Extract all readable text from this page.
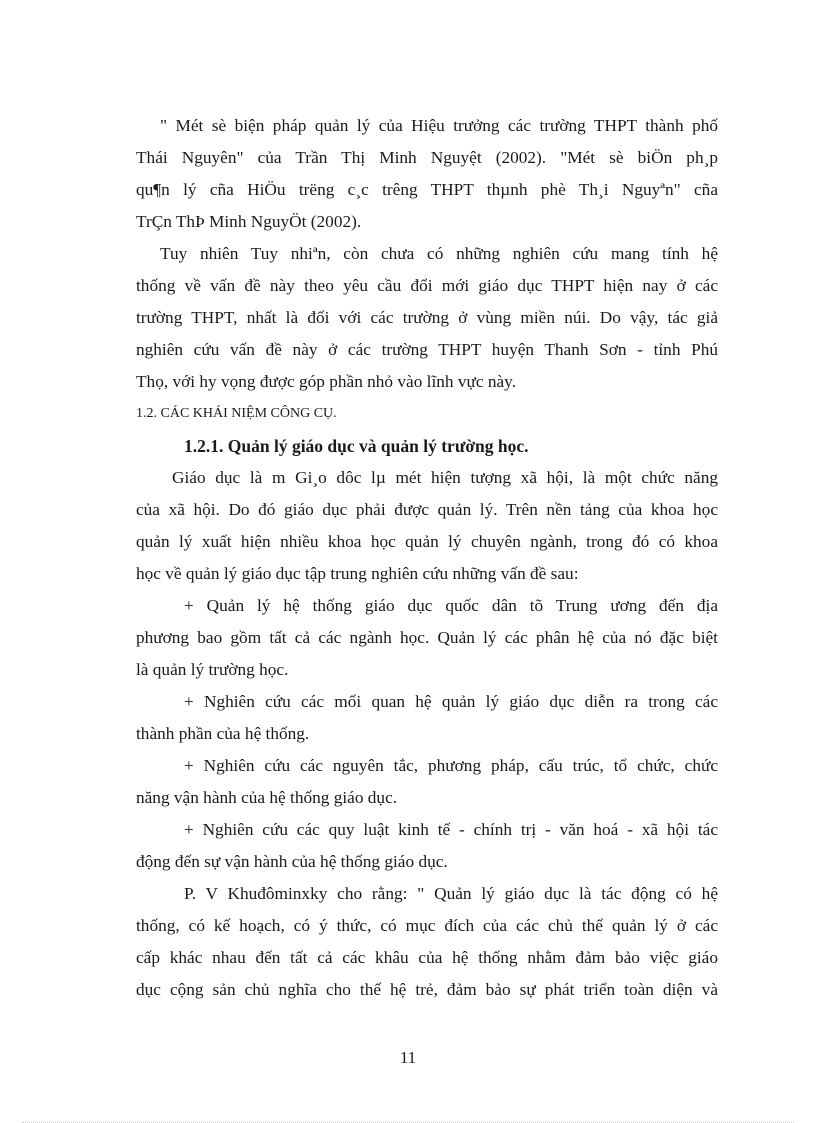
" Mét sè biện pháp quản lý của Hiệu trưởng các trường THPT thành phố
Thái Nguyên" của Trần Thị Minh Nguyệt (2002). "Mét sè biÖn ph¸p
qu¶n lý cña HiÖu trëng c¸c trêng THPT thµnh phè Th¸i Nguyªn" cña
TrÇn ThÞ Minh NguyÖt (2002).
Tuy nhiên Tuy nhiªn, còn chưa có những nghiên cứu mang tính hệ
thống về vấn đề này theo yêu cầu đổi mới giáo dục THPT hiện nay ở các
trường THPT, nhất là đối với các trường ở vùng miền núi. Do vậy, tác giả
nghiên cứu vấn đề này ở các trường THPT huyện Thanh Sơn - tỉnh Phú
Thọ, với hy vọng được góp phần nhỏ vào lĩnh vực này.
1.2. CÁC KHÁI NIỆM CÔNG CỤ.
1.2.1. Quản lý giáo dục và quản lý trường học.
Giáo dục là m Gi¸o dôc lµ mét hiện tượng xã hội, là một chức năng
của xã hội. Do đó giáo dục phải được quản lý. Trên nền tảng của khoa học
quản lý xuất hiện nhiều khoa học quản lý chuyên ngành, trong đó có khoa
học về quản lý giáo dục tập trung nghiên cứu những vấn đề sau:
+ Quản lý hệ thống giáo dục quốc dân tõ Trung ương đến địa
phương bao gồm tất cả các ngành học. Quản lý các phân hệ của nó đặc biệt
là quản lý trường học.
+ Nghiên cứu các mối quan hệ quản lý giáo dục diễn ra trong các
thành phần của hệ thống.
+ Nghiên cứu các nguyên tắc, phương pháp, cấu trúc, tổ chức, chức
năng vận hành của hệ thống giáo dục.
+ Nghiên cứu các quy luật kinh tế - chính trị - văn hoá - xã hội tác
động đến sự vận hành của hệ thống giáo dục.
P. V Khuđôminxky cho rằng: " Quản lý giáo dục là tác động có hệ
thống, có kế hoạch, có ý thức, có mục đích của các chủ thể quản lý ở các
cấp khác nhau đến tất cả các khâu của hệ thống nhằm đảm bảo việc giáo
dục cộng sản chủ nghĩa cho thế hệ trẻ, đảm bảo sự phát triển toàn diện và
11
